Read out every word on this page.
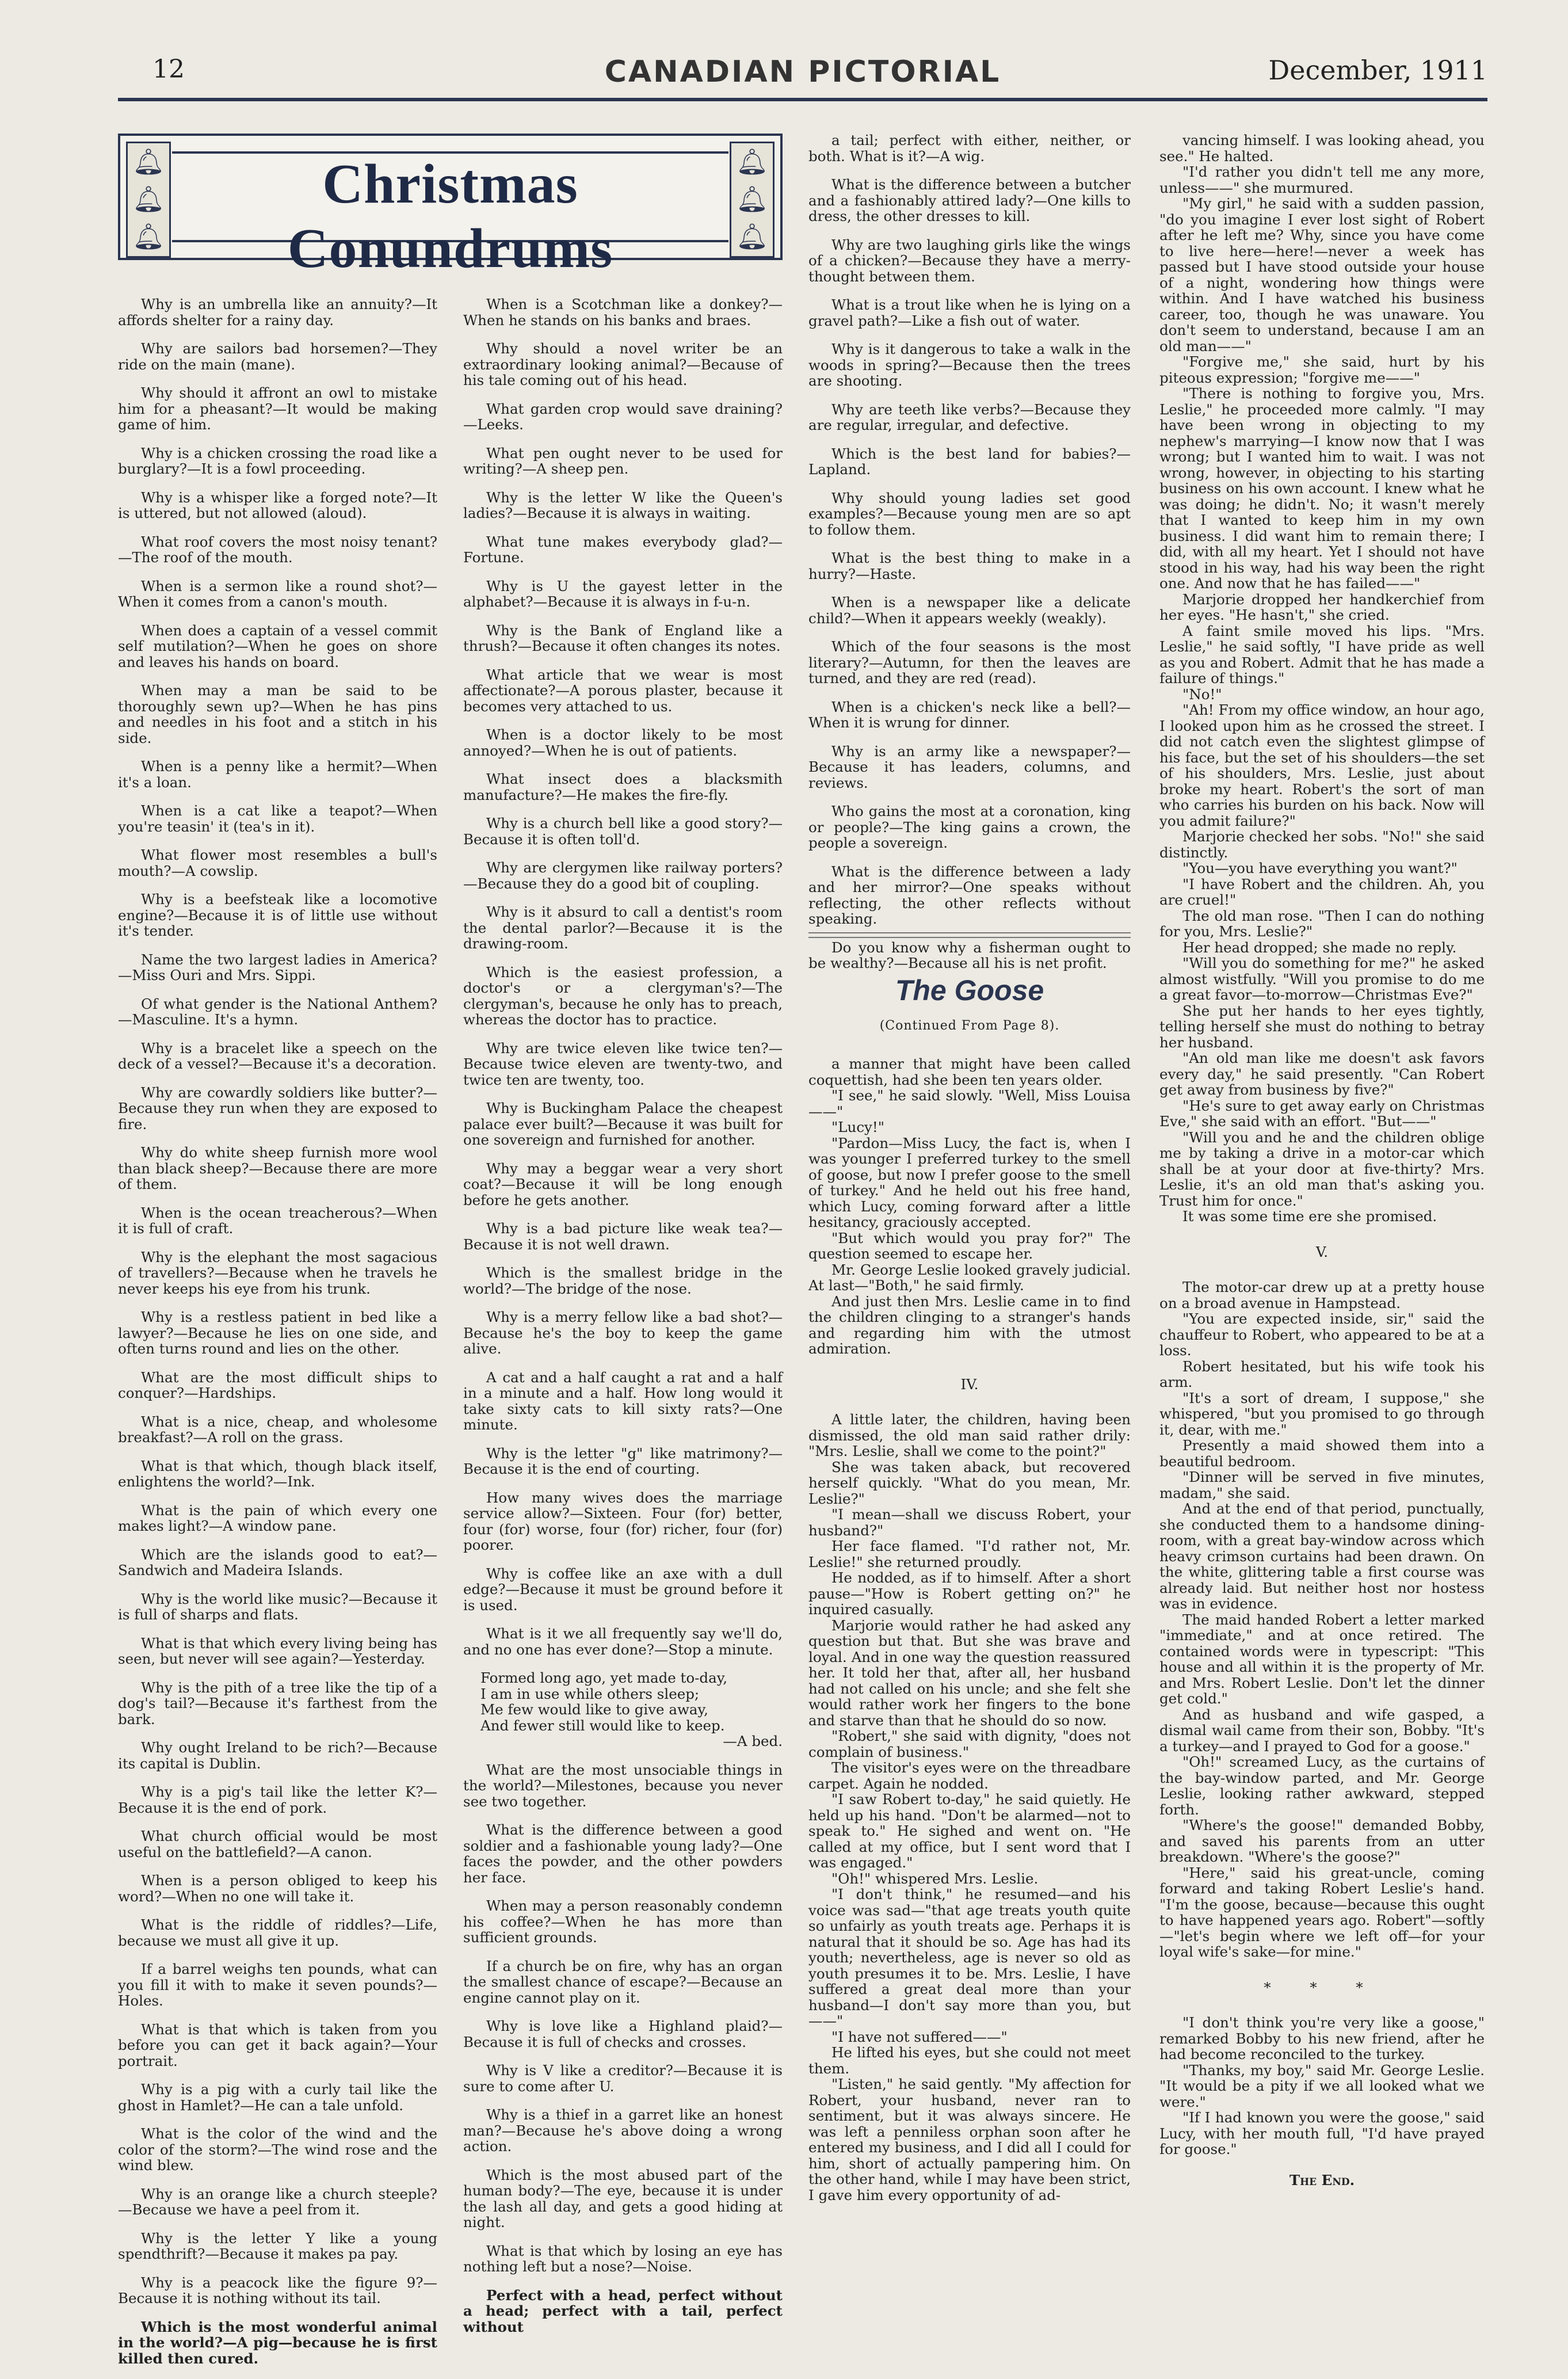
12	CANADIAN PICTORIAL	December, 1911
🔔︎
🔔︎
🔔︎
Christmas Conundrums
🔔︎
🔔︎
🔔︎

Why is an umbrella like an annuity?—It affords shelter for a rainy day.

Why are sailors bad horsemen?—They ride on the main (mane).

Why should it affront an owl to mistake him for a pheasant?—It would be making game of him.

Why is a chicken crossing the road like a burglary?—It is a fowl proceeding.

Why is a whisper like a forged note?—It is uttered, but not allowed (aloud).

What roof covers the most noisy tenant?—The roof of the mouth.

When is a sermon like a round shot?—When it comes from a canon's mouth.

When does a captain of a vessel commit self mutilation?—When he goes on shore and leaves his hands on board.

When may a man be said to be thoroughly sewn up?—When he has pins and needles in his foot and a stitch in his side.

When is a penny like a hermit?—When it's a loan.

When is a cat like a teapot?—When you're teasin' it (tea's in it).

What flower most resembles a bull's mouth?—A cowslip.

Why is a beefsteak like a locomotive engine?—Because it is of little use without it's tender.

Name the two largest ladies in America?—Miss Ouri and Mrs. Sippi.

Of what gender is the National Anthem?—Masculine. It's a hymn.

Why is a bracelet like a speech on the deck of a vessel?—Because it's a decoration.

Why are cowardly soldiers like butter?—Because they run when they are exposed to fire.

Why do white sheep furnish more wool than black sheep?—Because there are more of them.

When is the ocean treacherous?—When it is full of craft.

Why is the elephant the most sagacious of travellers?—Because when he travels he never keeps his eye from his trunk.

Why is a restless patient in bed like a lawyer?—Because he lies on one side, and often turns round and lies on the other.

What are the most difficult ships to conquer?—Hardships.

What is a nice, cheap, and wholesome breakfast?—A roll on the grass.

What is that which, though black itself, enlightens the world?—Ink.

What is the pain of which every one makes light?—A window pane.

Which are the islands good to eat?—Sandwich and Madeira Islands.

Why is the world like music?—Because it is full of sharps and flats.

What is that which every living being has seen, but never will see again?—Yesterday.

Why is the pith of a tree like the tip of a dog's tail?—Because it's farthest from the bark.

Why ought Ireland to be rich?—Because its capital is Dublin.

Why is a pig's tail like the letter K?—Because it is the end of pork.

What church official would be most useful on the battlefield?—A canon.

When is a person obliged to keep his word?—When no one will take it.

What is the riddle of riddles?—Life, because we must all give it up.

If a barrel weighs ten pounds, what can you fill it with to make it seven pounds?—Holes.

What is that which is taken from you before you can get it back again?—Your portrait.

Why is a pig with a curly tail like the ghost in Hamlet?—He can a tale unfold.

What is the color of the wind and the color of the storm?—The wind rose and the wind blew.

Why is an orange like a church steeple?—Because we have a peel from it.

Why is the letter Y like a young spendthrift?—Because it makes pa pay.

Why is a peacock like the figure 9?—Because it is nothing without its tail.

Which is the most wonderful animal in the world?—A pig—because he is first killed then cured.

When is a Scotchman like a donkey?—When he stands on his banks and braes.

Why should a novel writer be an extraordinary looking animal?—Because of his tale coming out of his head.

What garden crop would save draining?—Leeks.

What pen ought never to be used for writing?—A sheep pen.

Why is the letter W like the Queen's ladies?—Because it is always in waiting.

What tune makes everybody glad?—Fortune.

Why is U the gayest letter in the alphabet?—Because it is always in f-u-n.

Why is the Bank of England like a thrush?—Because it often changes its notes.

What article that we wear is most affectionate?—A porous plaster, because it becomes very attached to us.

When is a doctor likely to be most annoyed?—When he is out of patients.

What insect does a blacksmith manufacture?—He makes the fire-fly.

Why is a church bell like a good story?—Because it is often toll'd.

Why are clergymen like railway porters?—Because they do a good bit of coupling.

Why is it absurd to call a dentist's room the dental parlor?—Because it is the drawing-room.

Which is the easiest profession, a doctor's or a clergyman's?—The clergyman's, because he only has to preach, whereas the doctor has to practice.

Why are twice eleven like twice ten?—Because twice eleven are twenty-two, and twice ten are twenty, too.

Why is Buckingham Palace the cheapest palace ever built?—Because it was built for one sovereign and furnished for another.

Why may a beggar wear a very short coat?—Because it will be long enough before he gets another.

Why is a bad picture like weak tea?—Because it is not well drawn.

Which is the smallest bridge in the world?—The bridge of the nose.

Why is a merry fellow like a bad shot?—Because he's the boy to keep the game alive.

A cat and a half caught a rat and a half in a minute and a half. How long would it take sixty cats to kill sixty rats?—One minute.

Why is the letter "g" like matrimony?—Because it is the end of courting.

How many wives does the marriage service allow?—Sixteen. Four (for) better, four (for) worse, four (for) richer, four (for) poorer.

Why is coffee like an axe with a dull edge?—Because it must be ground before it is used.

What is it we all frequently say we'll do, and no one has ever done?—Stop a minute.

Formed long ago, yet made to-day,

I am in use while others sleep;

Me few would like to give away,

And fewer still would like to keep.

—A bed.

What are the most unsociable things in the world?—Milestones, because you never see two together.

What is the difference between a good soldier and a fashionable young lady?—One faces the powder, and the other powders her face.

When may a person reasonably condemn his coffee?—When he has more than sufficient grounds.

If a church be on fire, why has an organ the smallest chance of escape?—Because an engine cannot play on it.

Why is love like a Highland plaid?—Because it is full of checks and crosses.

Why is V like a creditor?—Because it is sure to come after U.

Why is a thief in a garret like an honest man?—Because he's above doing a wrong action.

Which is the most abused part of the human body?—The eye, because it is under the lash all day, and gets a good hiding at night.

What is that which by losing an eye has nothing left but a nose?—Noise.

Perfect with a head, perfect without a head; perfect with a tail, perfect without

a tail; perfect with either, neither, or both. What is it?—A wig.

What is the difference between a butcher and a fashionably attired lady?—One kills to dress, the other dresses to kill.

Why are two laughing girls like the wings of a chicken?—Because they have a merry-thought between them.

What is a trout like when he is lying on a gravel path?—Like a fish out of water.

Why is it dangerous to take a walk in the woods in spring?—Because then the trees are shooting.

Why are teeth like verbs?—Because they are regular, irregular, and defective.

Which is the best land for babies?—Lapland.

Why should young ladies set good examples?—Because young men are so apt to follow them.

What is the best thing to make in a hurry?—Haste.

When is a newspaper like a delicate child?—When it appears weekly (weakly).

Which of the four seasons is the most literary?—Autumn, for then the leaves are turned, and they are red (read).

When is a chicken's neck like a bell?—When it is wrung for dinner.

Why is an army like a newspaper?—Because it has leaders, columns, and reviews.

Who gains the most at a coronation, king or people?—The king gains a crown, the people a sovereign.

What is the difference between a lady and her mirror?—One speaks without reflecting, the other reflects without speaking.

Do you know why a fisherman ought to be wealthy?—Because all his is net profit.

The Goose
(Continued From Page 8).

a manner that might have been called coquettish, had she been ten years older.

"I see," he said slowly. "Well, Miss Louisa——"

"Lucy!"

"Pardon—Miss Lucy, the fact is, when I was younger I preferred turkey to the smell of goose, but now I prefer goose to the smell of turkey." And he held out his free hand, which Lucy, coming forward after a little hesitancy, graciously accepted.

"But which would you pray for?" The question seemed to escape her.

Mr. George Leslie looked gravely judicial. At last—"Both," he said firmly.

And just then Mrs. Leslie came in to find the children clinging to a stranger's hands and regarding him with the utmost admiration.

IV.

A little later, the children, having been dismissed, the old man said rather drily: "Mrs. Leslie, shall we come to the point?"

She was taken aback, but recovered herself quickly. "What do you mean, Mr. Leslie?"

"I mean—shall we discuss Robert, your husband?"

Her face flamed. "I'd rather not, Mr. Leslie!" she returned proudly.

He nodded, as if to himself. After a short pause—"How is Robert getting on?" he inquired casually.

Marjorie would rather he had asked any question but that. But she was brave and loyal. And in one way the question reassured her. It told her that, after all, her husband had not called on his uncle; and she felt she would rather work her fingers to the bone and starve than that he should do so now.

"Robert," she said with dignity, "does not complain of business."

The visitor's eyes were on the threadbare carpet. Again he nodded.

"I saw Robert to-day," he said quietly. He held up his hand. "Don't be alarmed—not to speak to." He sighed and went on. "He called at my office, but I sent word that I was engaged."

"Oh!" whispered Mrs. Leslie.

"I don't think," he resumed—and his voice was sad—"that age treats youth quite so unfairly as youth treats age. Perhaps it is natural that it should be so. Age has had its youth; nevertheless, age is never so old as youth presumes it to be. Mrs. Leslie, I have suffered a great deal more than your husband—I don't say more than you, but——"

"I have not suffered——"

He lifted his eyes, but she could not meet them.

"Listen," he said gently. "My affection for Robert, your husband, never ran to sentiment, but it was always sincere. He was left a penniless orphan soon after he entered my business, and I did all I could for him, short of actually pampering him. On the other hand, while I may have been strict, I gave him every opportunity of ad-

vancing himself. I was looking ahead, you see." He halted.

"I'd rather you didn't tell me any more, unless——" she murmured.

"My girl," he said with a sudden passion, "do you imagine I ever lost sight of Robert after he left me? Why, since you have come to live here—here!—never a week has passed but I have stood outside your house of a night, wondering how things were within. And I have watched his business career, too, though he was unaware. You don't seem to understand, because I am an old man——"

"Forgive me," she said, hurt by his piteous expression; "forgive me——"

"There is nothing to forgive you, Mrs. Leslie," he proceeded more calmly. "I may have been wrong in objecting to my nephew's marrying—I know now that I was wrong; but I wanted him to wait. I was not wrong, however, in objecting to his starting business on his own account. I knew what he was doing; he didn't. No; it wasn't merely that I wanted to keep him in my own business. I did want him to remain there; I did, with all my heart. Yet I should not have stood in his way, had his way been the right one. And now that he has failed——"

Marjorie dropped her handkerchief from her eyes. "He hasn't," she cried.

A faint smile moved his lips. "Mrs. Leslie," he said softly, "I have pride as well as you and Robert. Admit that he has made a failure of things."

"No!"

"Ah! From my office window, an hour ago, I looked upon him as he crossed the street. I did not catch even the slightest glimpse of his face, but the set of his shoulders—the set of his shoulders, Mrs. Leslie, just about broke my heart. Robert's the sort of man who carries his burden on his back. Now will you admit failure?"

Marjorie checked her sobs. "No!" she said distinctly.

"You—you have everything you want?"

"I have Robert and the children. Ah, you are cruel!"

The old man rose. "Then I can do nothing for you, Mrs. Leslie?"

Her head dropped; she made no reply.

"Will you do something for me?" he asked almost wistfully. "Will you promise to do me a great favor—to-morrow—Christmas Eve?"

She put her hands to her eyes tightly, telling herself she must do nothing to betray her husband.

"An old man like me doesn't ask favors every day," he said presently. "Can Robert get away from business by five?"

"He's sure to get away early on Christmas Eve," she said with an effort. "But——"

"Will you and he and the children oblige me by taking a drive in a motor-car which shall be at your door at five-thirty? Mrs. Leslie, it's an old man that's asking you. Trust him for once."

It was some time ere she promised.

V.

The motor-car drew up at a pretty house on a broad avenue in Hampstead.

"You are expected inside, sir," said the chauffeur to Robert, who appeared to be at a loss.

Robert hesitated, but his wife took his arm.

"It's a sort of dream, I suppose," she whispered, "but you promised to go through it, dear, with me."

Presently a maid showed them into a beautiful bedroom.

"Dinner will be served in five minutes, madam," she said.

And at the end of that period, punctually, she conducted them to a handsome dining-room, with a great bay-window across which heavy crimson curtains had been drawn. On the white, glittering table a first course was already laid. But neither host nor hostess was in evidence.

The maid handed Robert a letter marked "immediate," and at once retired. The contained words were in typescript: "This house and all within it is the property of Mr. and Mrs. Robert Leslie. Don't let the dinner get cold."

And as husband and wife gasped, a dismal wail came from their son, Bobby. "It's a turkey—and I prayed to God for a goose."

"Oh!" screamed Lucy, as the curtains of the bay-window parted, and Mr. George Leslie, looking rather awkward, stepped forth.

"Where's the goose!" demanded Bobby, and saved his parents from an utter breakdown. "Where's the goose?"

"Here," said his great-uncle, coming forward and taking Robert Leslie's hand. "I'm the goose, because—because this ought to have happened years ago. Robert"—softly—"let's begin where we left off—for your loyal wife's sake—for mine."

* * *

"I don't think you're very like a goose," remarked Bobby to his new friend, after he had become reconciled to the turkey.

"Thanks, my boy," said Mr. George Leslie. "It would be a pity if we all looked what we were."

"If I had known you were the goose," said Lucy, with her mouth full, "I'd have prayed for goose."

The End.
